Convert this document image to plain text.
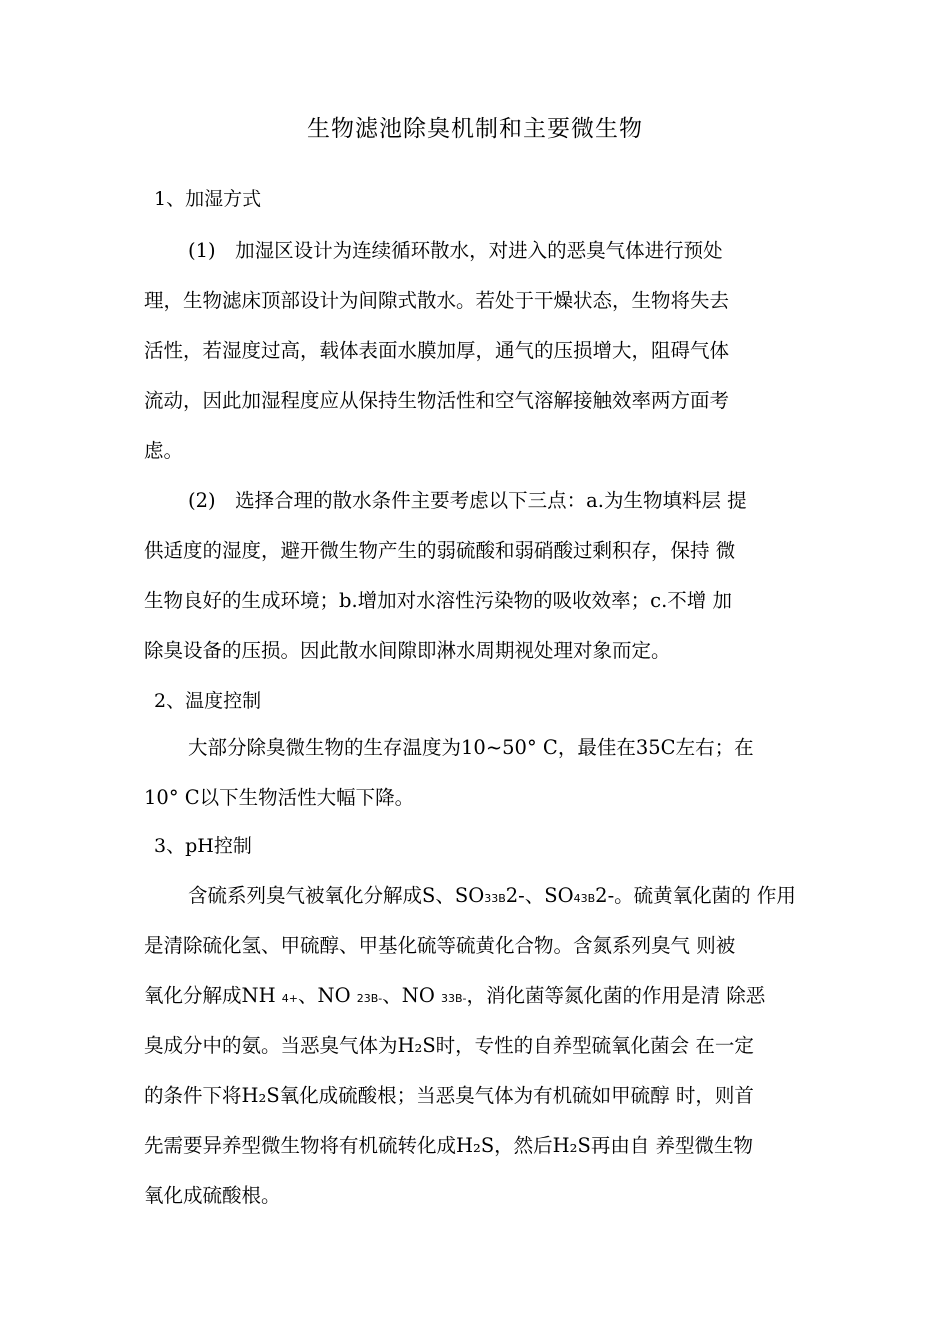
生物滤池除臭机制和主要微生物
1、加湿方式
(1)　加湿区设计为连续循环散水，对进入的恶臭气体进行预处
理，生物滤床顶部设计为间隙式散水。若处于干燥状态，生物将失去
活性，若湿度过高，载体表面水膜加厚，通气的压损增大，阻碍气体
流动，因此加湿程度应从保持生物活性和空气溶解接触效率两方面考
虑。
(2)　选择合理的散水条件主要考虑以下三点：a.为生物填料层 提
供适度的湿度，避开微生物产生的弱硫酸和弱硝酸过剩积存，保持 微
生物良好的生成环境；b.增加对水溶性污染物的吸收效率；c.不增 加
除臭设备的压损。因此散水间隙即淋水周期视处理对象而定。
2、温度控制
大部分除臭微生物的生存温度为10~50° C，最佳在35C左右；在
10° C以下生物活性大幅下降。
3、pH控制
含硫系列臭气被氧化分解成S、SO33B2-、SO43B2-。硫黄氧化菌的 作用
是清除硫化氢、甲硫醇、甲基化硫等硫黄化合物。含氮系列臭气 则被
氧化分解成NH 4+、NO 23B-、NO 33B-，消化菌等氮化菌的作用是清 除恶
臭成分中的氨。当恶臭气体为H₂S时，专性的自养型硫氧化菌会 在一定
的条件下将H₂S氧化成硫酸根；当恶臭气体为有机硫如甲硫醇 时，则首
先需要异养型微生物将有机硫转化成H₂S，然后H₂S再由自 养型微生物
氧化成硫酸根。
